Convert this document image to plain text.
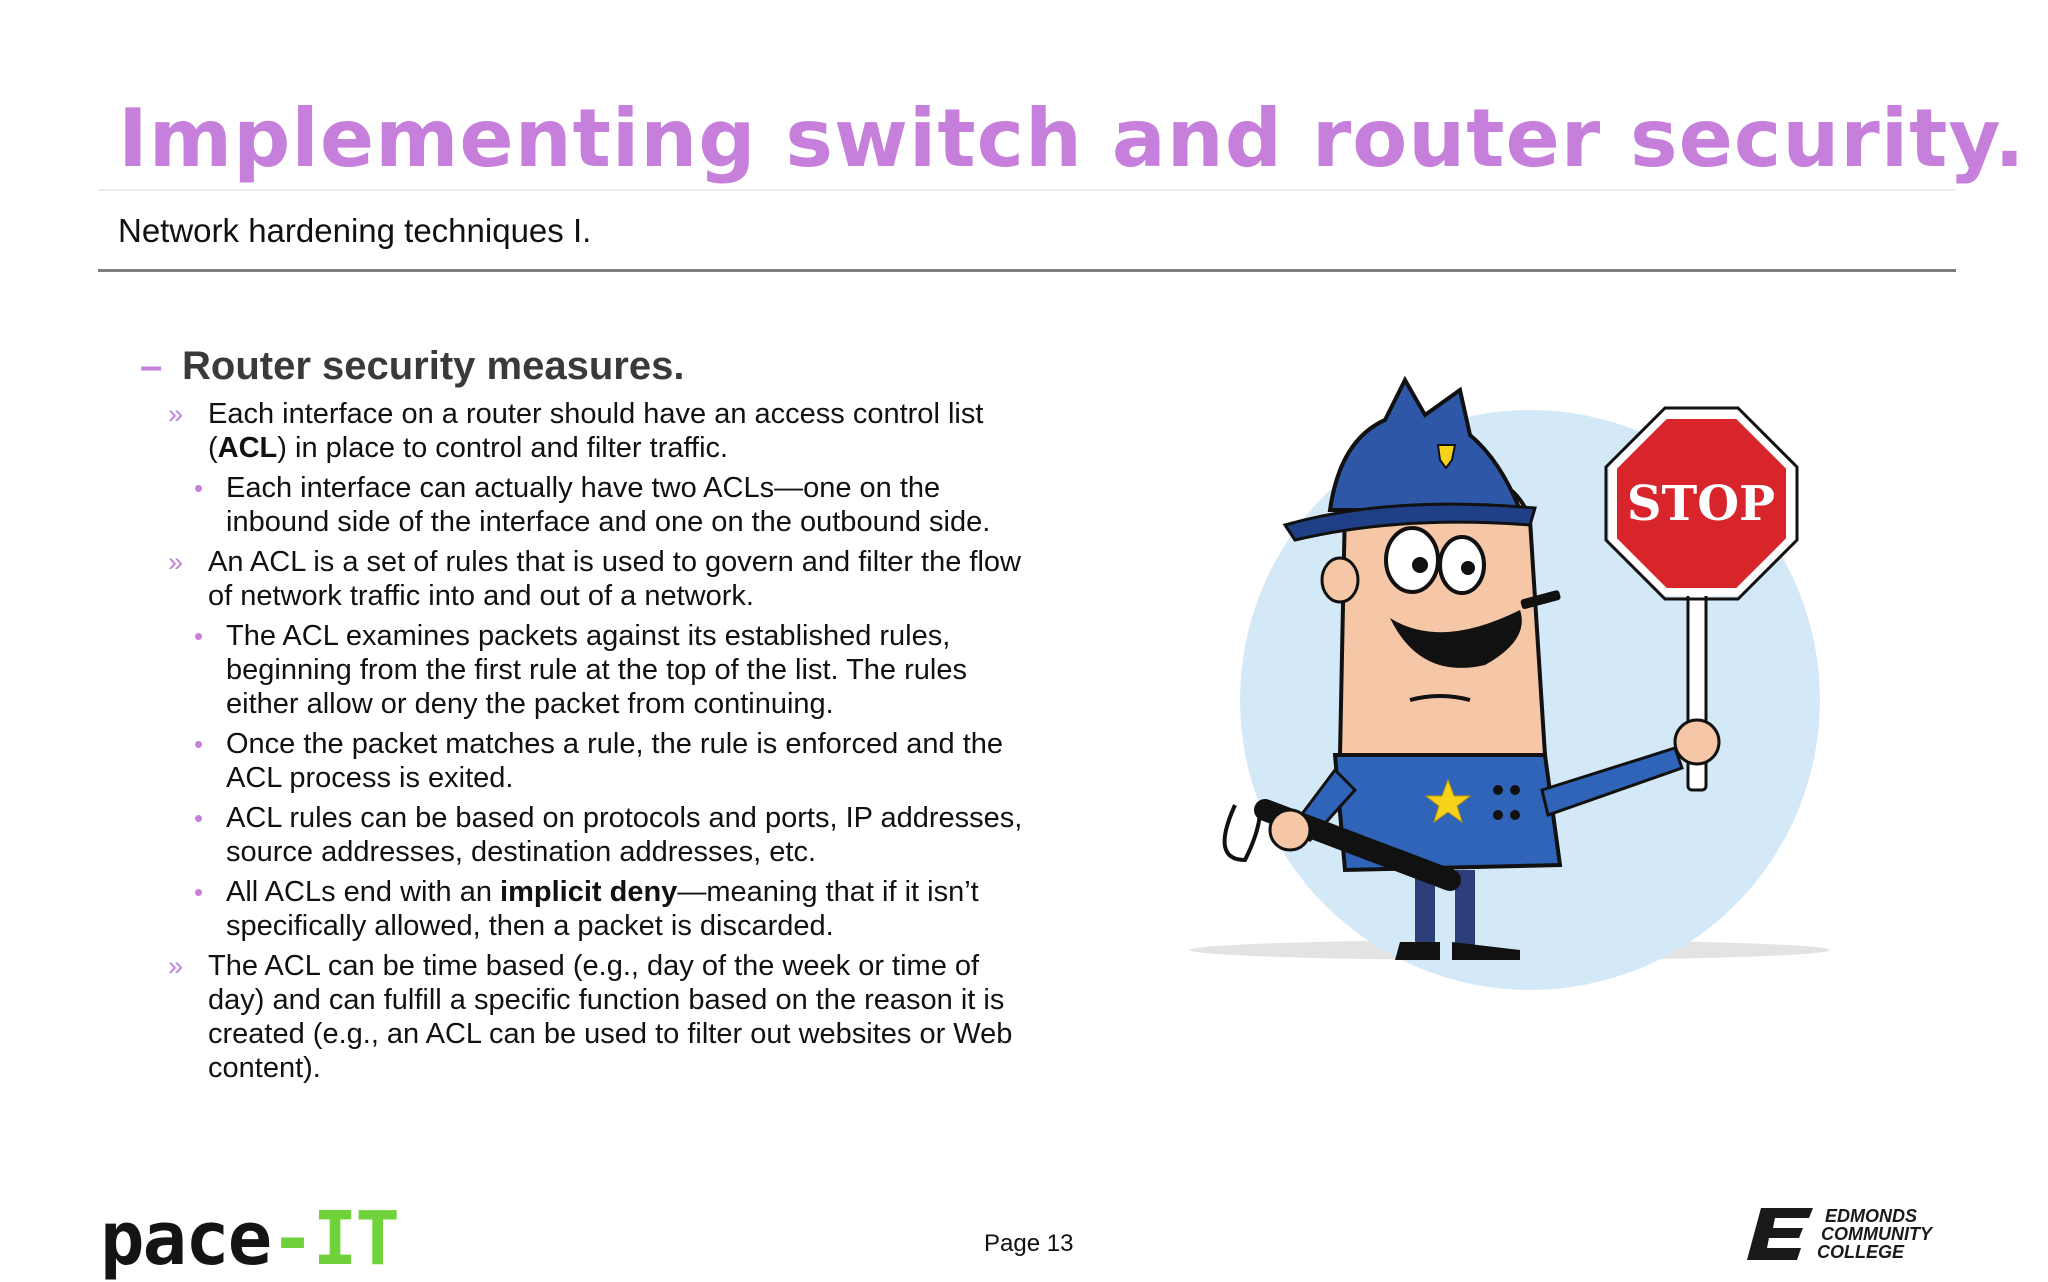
Implementing switch and router security.
Network hardening techniques I.
– Router security measures.
» Each interface on a router should have an access control list
(ACL) in place to control and filter traffic.
• Each interface can actually have two ACLs—one on the inbound side of the interface and one on the outbound side.
» An ACL is a set of rules that is used to govern and filter the flow of network traffic into and out of a network.
• The ACL examines packets against its established rules, beginning from the first rule at the top of the list. The rules either allow or deny the packet from continuing.
• Once the packet matches a rule, the rule is enforced and the ACL process is exited.
• ACL rules can be based on protocols and ports, IP addresses, source addresses, destination addresses, etc.
• All ACLs end with an implicit deny—meaning that if it isn’t specifically allowed, then a packet is discarded.
» The ACL can be time based (e.g., day of the week or time of day) and can fulfill a specific function based on the reason it is created (e.g., an ACL can be used to filter out websites or Web content).
STOP
pace-IT	Page 13
EDMONDS
COMMUNITY
COLLEGE
